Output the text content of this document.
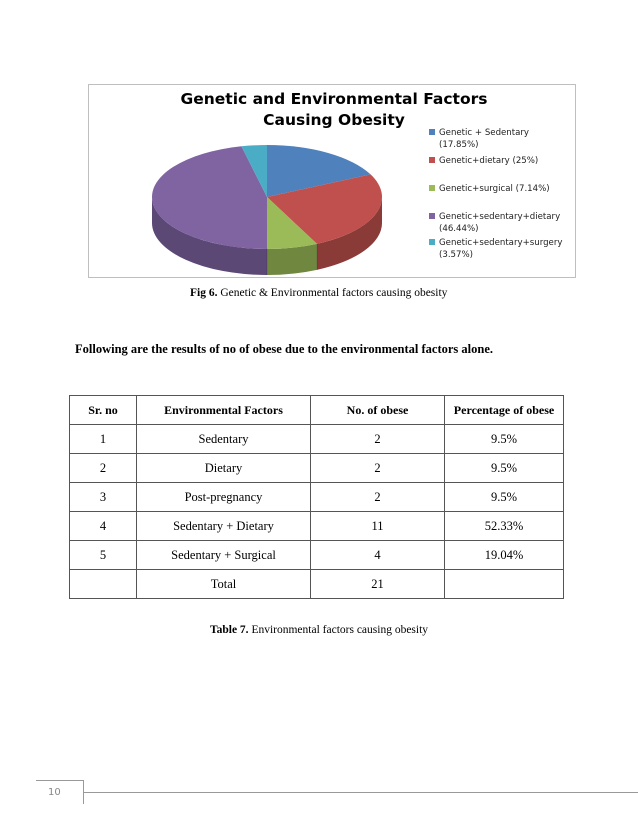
Genetic and Environmental Factors Causing Obesity
Genetic + Sedentary (17.85%)
Genetic+dietary (25%)
Genetic+surgical (7.14%)
Genetic+sedentary+dietary (46.44%)
Genetic+sedentary+surgery (3.57%)
Fig 6. Genetic & Environmental factors causing obesity
Following are the results of no of obese due to the environmental factors alone.
Sr. no	Environmental Factors	No. of obese	Percentage of obese
1	Sedentary	2	9.5%
2	Dietary	2	9.5%
3	Post-pregnancy	2	9.5%
4	Sedentary + Dietary	11	52.33%
5	Sedentary + Surgical	4	19.04%
	Total	21	
Table 7. Environmental factors causing obesity
10
